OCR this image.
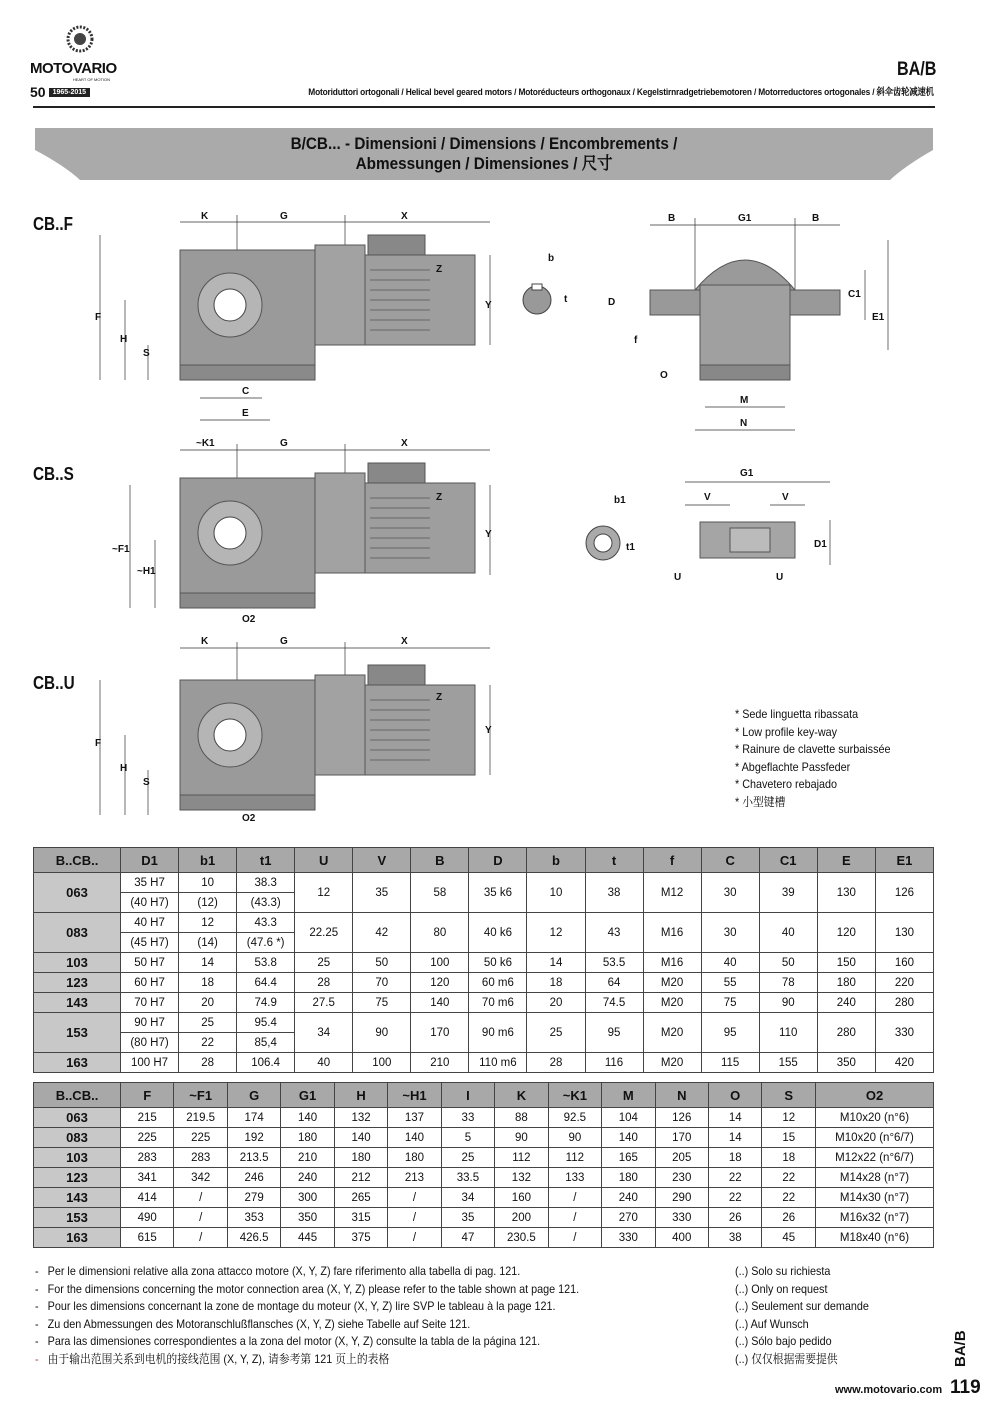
MOTOVARIO
HEART OF MOTION
50	1965-2015
BA/B
Motoriduttori ortogonali / Helical bevel geared motors / Motoréducteurs orthogonaux / Kegelstirnradgetriebemotoren / Motorreductores ortogonales / 斜伞齿轮减速机
B/CB... - Dimensioni / Dimensions / Encombrements /
Abmessungen / Dimensiones / 尺寸
CB..F
CB..S
CB..U
K	G	X
F
H
S
C
E
Y
Z
b
t
B	G1	B
D
f
O
C1
E1
M
N
~K1	G	X
~F1
~H1
Z
Y
O2
b1
t1
G1
V	V
D1
U	U
K	G	X
F
H
S
O2
Y
Z
* Sede linguetta ribassata
* Low profile key-way
* Rainure de clavette surbaissée
* Abgeflachte Passfeder
* Chavetero rebajado
* 小型键槽
B..CB..	D1	b1	t1	U	V	B	D	b	t	f	C	C1	E	E1
063	35 H7	10	38.3	12	35	58	35 k6	10	38	M12	30	39	130	126
	(40 H7)	(12)	(43.3)											
083	40 H7	12	43.3	22.25	42	80	40 k6	12	43	M16	30	40	120	130
	(45 H7)	(14)	(47.6 *)											
103	50 H7	14	53.8	25	50	100	50 k6	14	53.5	M16	40	50	150	160
123	60 H7	18	64.4	28	70	120	60 m6	18	64	M20	55	78	180	220
143	70 H7	20	74.9	27.5	75	140	70 m6	20	74.5	M20	75	90	240	280
153	90 H7	25	95.4	34	90	170	90 m6	25	95	M20	95	110	280	330
	(80 H7)	22	85,4											
163	100 H7	28	106.4	40	100	210	110 m6	28	116	M20	115	155	350	420
B..CB..	F	~F1	G	G1	H	~H1	I	K	~K1	M	N	O	S	O2
063	215	219.5	174	140	132	137	33	88	92.5	104	126	14	12	M10x20 (n°6)
083	225	225	192	180	140	140	5	90	90	140	170	14	15	M10x20 (n°6/7)
103	283	283	213.5	210	180	180	25	112	112	165	205	18	18	M12x22 (n°6/7)
123	341	342	246	240	212	213	33.5	132	133	180	230	22	22	M14x28 (n°7)
143	414	/	279	300	265	/	34	160	/	240	290	22	22	M14x30 (n°7)
153	490	/	353	350	315	/	35	200	/	270	330	26	26	M16x32 (n°7)
163	615	/	426.5	445	375	/	47	230.5	/	330	400	38	45	M18x40 (n°6)
- Per le dimensioni relative alla zona attacco motore (X, Y, Z) fare riferimento alla tabella di pag. 121.
- For the dimensions concerning the motor connection area (X, Y, Z) please refer to the table shown at page 121.
- Pour les dimensions concernant la zone de montage du moteur (X, Y, Z) lire SVP le tableau à la page 121.
- Zu den Abmessungen des Motoranschlußflansches (X, Y, Z) siehe Tabelle auf Seite 121.
- Para las dimensiones correspondientes a la zona del motor (X, Y, Z) consulte la tabla de la página 121.
- 由于输出范围关系到电机的接线范围 (X, Y, Z), 请参考第 121 页上的表格
(..) Solo su richiesta
(..) Only on request
(..) Seulement sur demande
(..) Auf Wunsch
(..) Sólo bajo pedido
(..) 仅仅根据需要提供	BA/B
www.motovario.com 119
